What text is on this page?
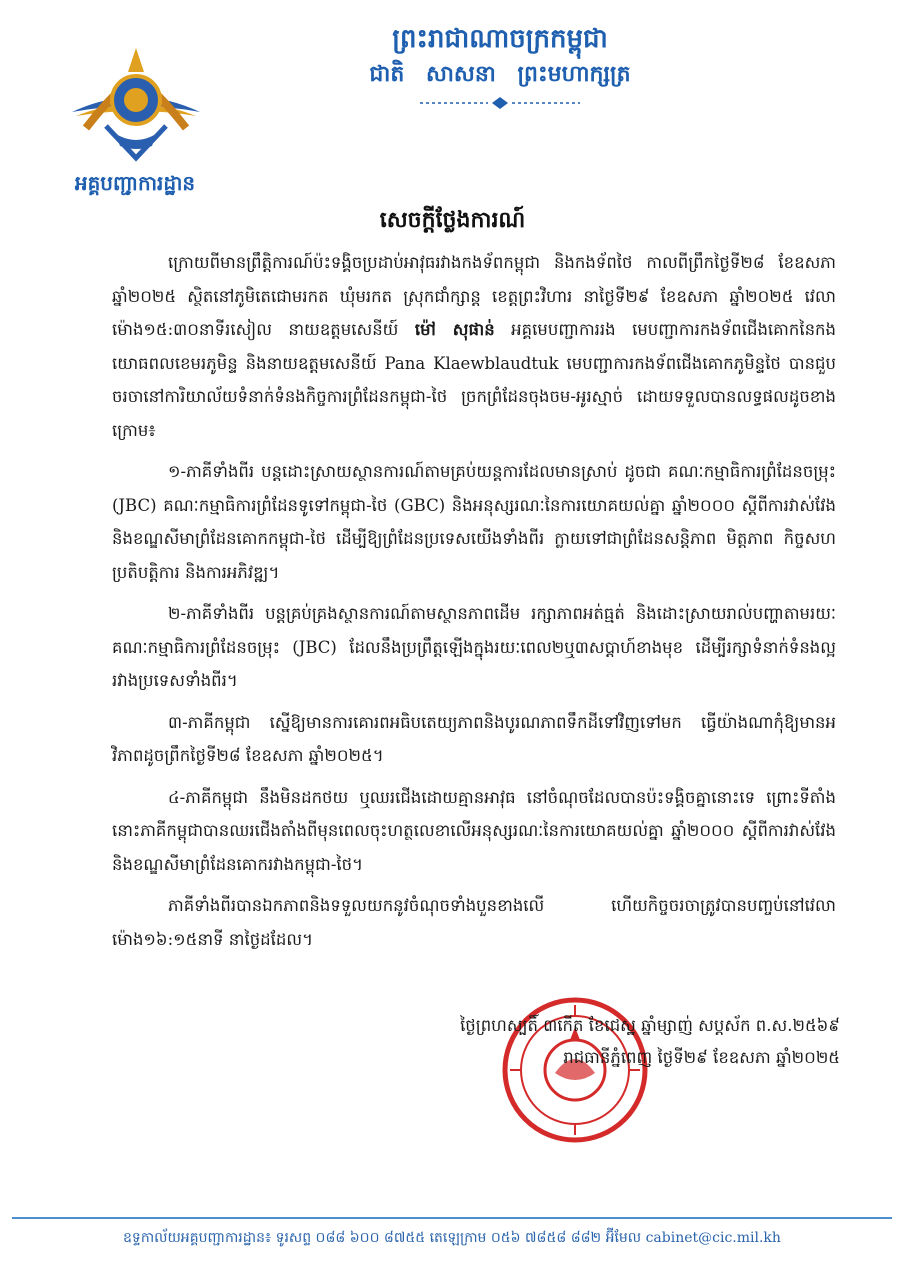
អគ្គបញ្ជាការដ្ឋាន
ព្រះរាជាណាចក្រកម្ពុជា
ជាតិ សាសនា ព្រះមហាក្សត្រ
សេចក្ដីថ្លែងការណ៍

ក្រោយពីមានព្រឹត្តិការណ៍ប៉ះទង្គិចប្រដាប់អាវុធរវាងកងទ័ពកម្ពុជា និងកងទ័ពថៃ កាលពីព្រឹកថ្ងៃទី២៨ ខែឧសភា ឆ្នាំ២០២៥ ស្ថិតនៅភូមិតេជោមរកត ឃុំមរកត ស្រុកជាំក្សាន្ត ខេត្តព្រះវិហារ នាថ្ងៃទី២៩ ខែឧសភា ឆ្នាំ២០២៥ វេលាម៉ោង១៥:៣០នាទីរសៀល នាយឧត្តមសេនីយ៍ ម៉ៅ សុផាន់ អគ្គមេបញ្ជាការរង មេបញ្ជាការកងទ័ពជើងគោកនៃកងយោធពលខេមរភូមិន្ទ និងនាយឧត្តមសេនីយ៍ Pana Klaewblaudtuk មេបញ្ជាការកងទ័ពជើងគោកភូមិន្ទថៃ បានជួបចរចានៅការិយាល័យទំនាក់ទំនងកិច្ចការព្រំដែនកម្ពុជា-ថៃ ច្រកព្រំដែនចុងចម-អូរស្មាច់ ដោយទទួលបានលទ្ធផលដូចខាងក្រោម៖

១-ភាគីទាំងពីរ បន្តដោះស្រាយស្ថានការណ៍តាមគ្រប់យន្តការដែលមានស្រាប់ ដូចជា គណៈកម្មាធិការព្រំដែនចម្រុះ (JBC) គណៈកម្មាធិការព្រំដែនទូទៅកម្ពុជា-ថៃ (GBC) និងអនុស្សរណៈនៃការយោគយល់គ្នា ឆ្នាំ២០០០ ស្ដីពីការវាស់វែងនិងខណ្ឌសីមាព្រំដែនគោកកម្ពុជា-ថៃ ដើម្បីឱ្យព្រំដែនប្រទេសយើងទាំងពីរ ក្លាយទៅជាព្រំដែនសន្តិភាព មិត្តភាព កិច្ចសហប្រតិបត្តិការ និងការអភិវឌ្ឍ។

២-ភាគីទាំងពីរ បន្តគ្រប់គ្រងស្ថានការណ៍តាមស្ថានភាពដើម រក្សាភាពអត់ធ្មត់ និងដោះស្រាយរាល់បញ្ហាតាមរយៈគណៈកម្មាធិការព្រំដែនចម្រុះ (JBC) ដែលនឹងប្រព្រឹត្តឡើងក្នុងរយៈពេល២ឬ៣សប្ដាហ៍ខាងមុខ ដើម្បីរក្សាទំនាក់ទំនងល្អរវាងប្រទេសទាំងពីរ។

៣-ភាគីកម្ពុជា ស្នើឱ្យមានការគោរពអធិបតេយ្យភាពនិងបូរណភាពទឹកដីទៅវិញទៅមក ធ្វើយ៉ាងណាកុំឱ្យមានអវិភាពដូចព្រឹកថ្ងៃទី២៨ ខែឧសភា ឆ្នាំ២០២៥។

៤-ភាគីកម្ពុជា នឹងមិនដកថយ ឬឈរជើងដោយគ្មានអាវុធ នៅចំណុចដែលបានប៉ះទង្គិចគ្នានោះទេ ព្រោះទីតាំងនោះភាគីកម្ពុជាបានឈរជើងតាំងពីមុនពេលចុះហត្ថលេខាលើអនុស្សរណៈនៃការយោគយល់គ្នា ឆ្នាំ២០០០ ស្ដីពីការវាស់វែងនិងខណ្ឌសីមាព្រំដែនគោករវាងកម្ពុជា-ថៃ។

ភាគីទាំងពីរបានឯកភាពនិងទទួលយកនូវចំណុចទាំងបួនខាងលើ ហើយកិច្ចចរចាត្រូវបានបញ្ចប់នៅវេលាម៉ោង១៦:១៥នាទី នាថ្ងៃដដែល។

ថ្ងៃព្រហស្បតិ៍ ៣កើត ខែជេស្ឋ ឆ្នាំម្សាញ់ សប្តស័ក ព.ស.២៥៦៩
រាជធានីភ្នំពេញ ថ្ងៃទី២៩ ខែឧសភា ឆ្នាំ២០២៥
ឧទ្ទកាល័យអគ្គបញ្ជាការដ្ឋាន៖ ទូរសព្ទ ០៨៨ ៦០០ ៨៧៥៥ តេឡេក្រាម ០៥៦ ៧៨៥៨ ៨៨២ អ៊ីមែល cabinet@cic.mil.kh
